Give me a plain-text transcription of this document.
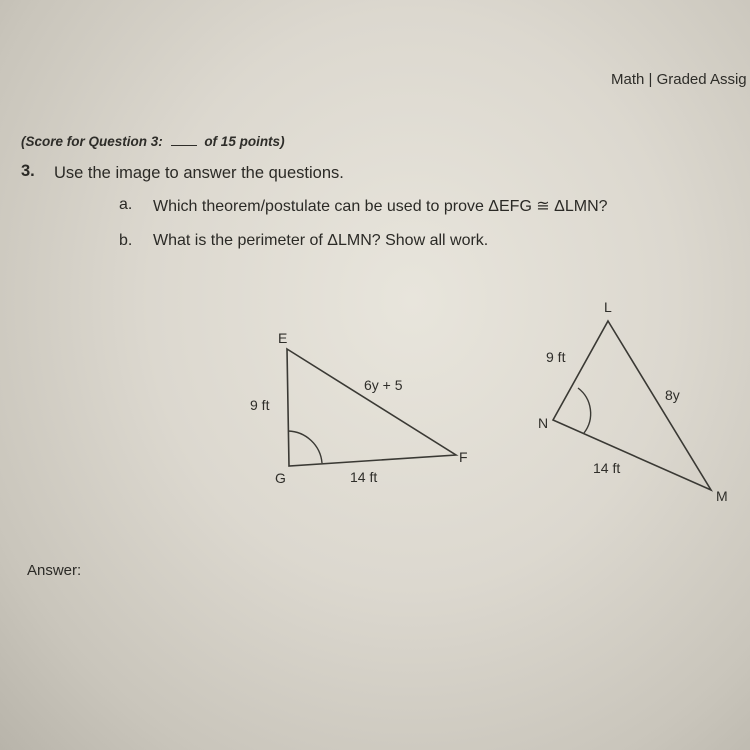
Math | Graded Assig
(Score for Question 3:	of 15 points)
3. Use the image to answer the questions.
a. Which theorem/postulate can be used to prove ΔEFG ≅ ΔLMN?
b. What is the perimeter of ΔLMN? Show all work.
E
F
G
9 ft
6y + 5
14 ft
L
M
N
9 ft
8y
14 ft
Answer:
